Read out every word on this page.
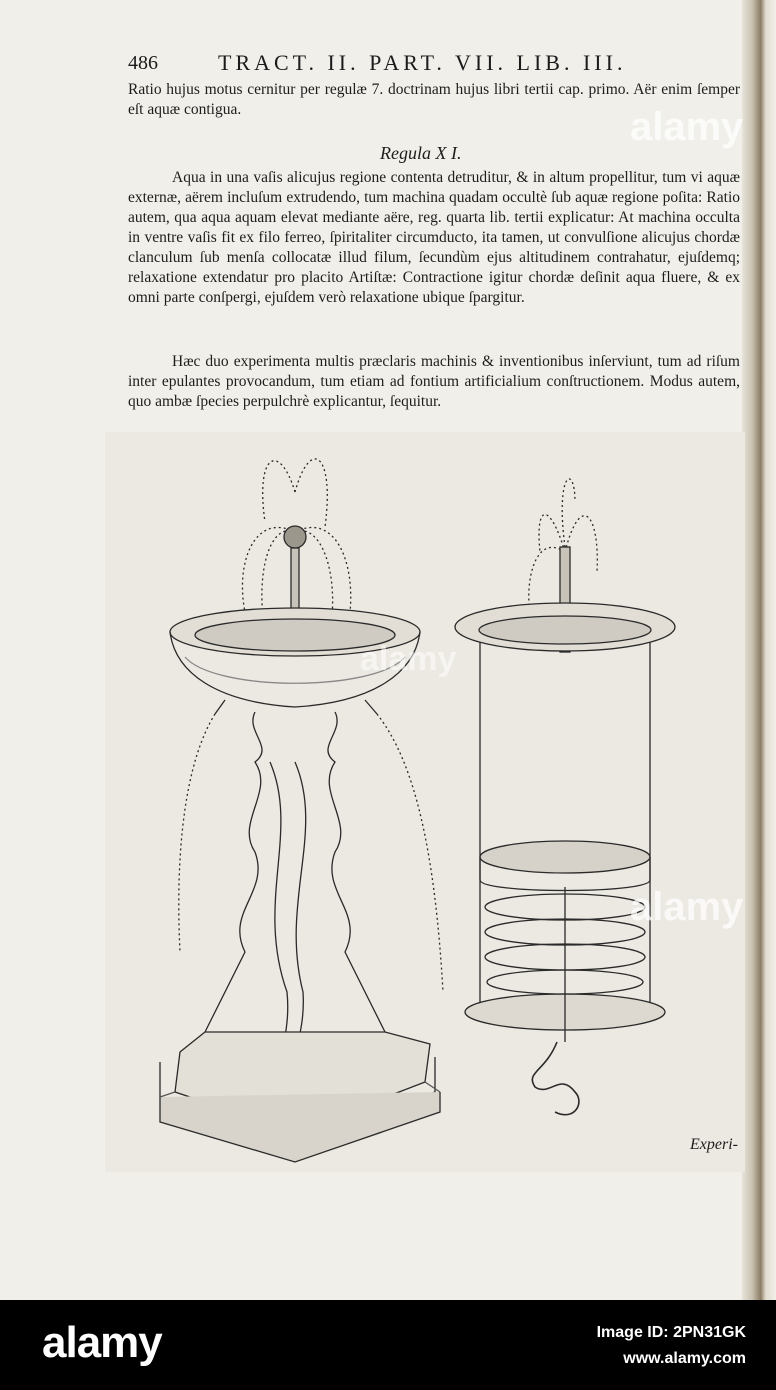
486	TRACT. II. PART. VII. LIB. III.
Ratio hujus motus cernitur per regulæ 7. doctrinam hujus libri tertii cap. primo. Aër enim ſemper eſt aquæ contigua.
Regula X I.
Aqua in una vaſis alicujus regione contenta detruditur, & in altum propellitur, tum vi aquæ externæ, aërem incluſum extrudendo, tum machina quadam occultè ſub aquæ regione poſita: Ratio autem, qua aqua aquam elevat mediante aëre, reg. quarta lib. tertii explicatur: At machina occulta in ventre vaſis fit ex filo ferreo, ſpiritaliter circumducto, ita tamen, ut convulſione alicujus chordæ clanculum ſub menſa collocatæ illud filum, ſecundùm ejus altitudinem contrahatur, ejuſdemq; relaxatione extendatur pro placito Artiſtæ: Contractione igitur chordæ deſinit aqua fluere, & ex omni parte conſpergi, ejuſdem verò relaxatione ubique ſpargitur.
Hæc duo experimenta multis præclaris machinis & inventionibus inſerviunt, tum ad riſum inter epulantes provocandum, tum etiam ad fontium artificialium conſtructionem. Modus autem, quo ambæ ſpecies perpulchrè explicantur, ſequitur.
Experi-
alamy
alamy
alamy
alamy	Image ID: 2PN31GK
www.alamy.com
